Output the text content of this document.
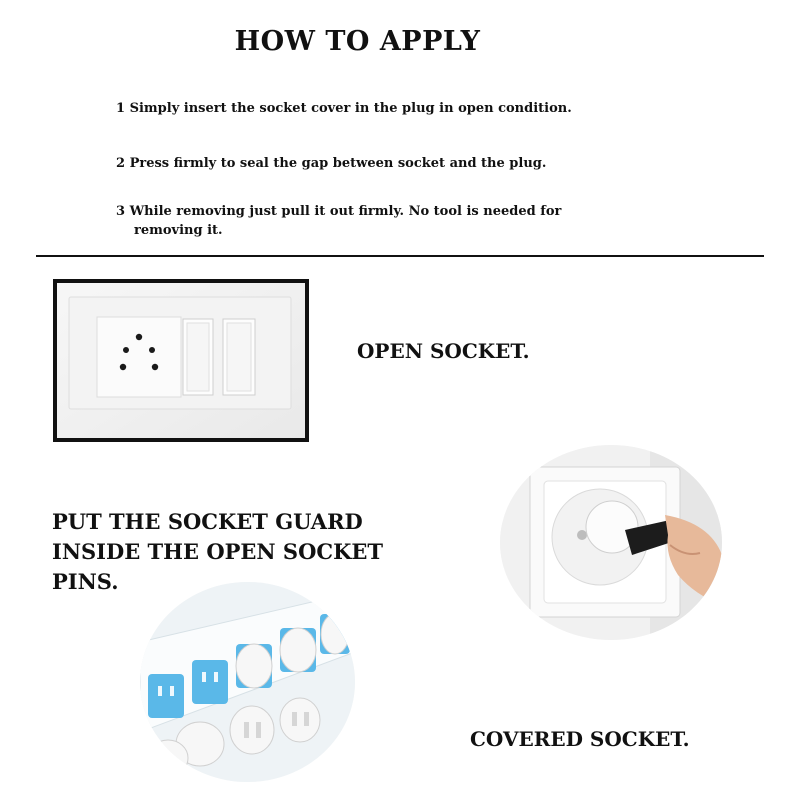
HOW TO APPLY
1 Simply insert the socket cover in the plug in open condition.
2 Press firmly to seal the gap between socket and the plug.
3 While removing just pull it out firmly. No tool is needed for
removing it.
OPEN SOCKET.
PUT THE SOCKET GUARD
INSIDE THE OPEN SOCKET
PINS.
COVERED SOCKET.
